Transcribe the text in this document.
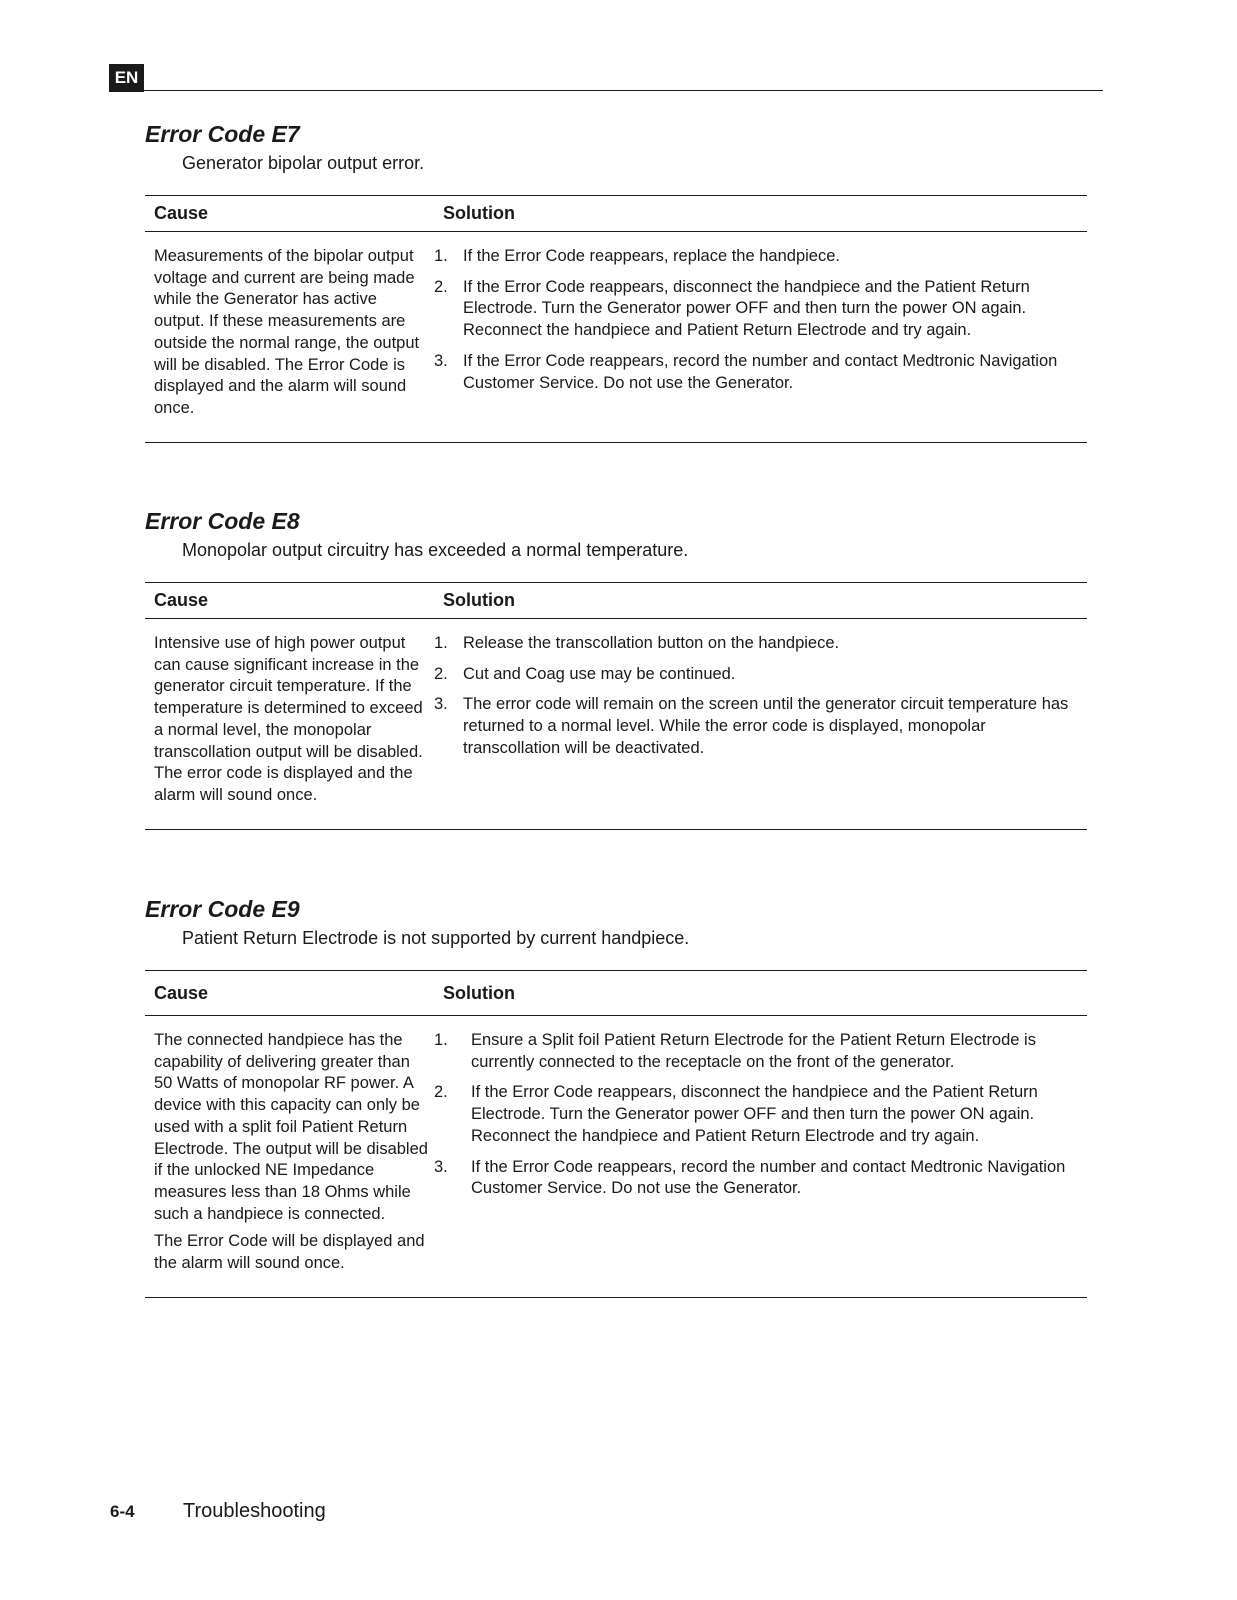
EN
Error Code E7
Generator bipolar output error.
Cause	Solution

Measurements of the bipolar output voltage and current are being made while the Generator has active output. If these measurements are outside the normal range, the output will be disabled. The Error Code is displayed and the alarm will sound once.

1. If the Error Code reappears, replace the handpiece.
2. If the Error Code reappears, disconnect the handpiece and the Patient Return Electrode. Turn the Generator power OFF and then turn the power ON again. Reconnect the handpiece and Patient Return Electrode and try again.
3. If the Error Code reappears, record the number and contact Medtronic Navigation Customer Service. Do not use the Generator.
Error Code E8
Monopolar output circuitry has exceeded a normal temperature.
Cause	Solution

Intensive use of high power output can cause significant increase in the generator circuit temperature. If the temperature is determined to exceed a normal level, the monopolar transcollation output will be disabled. The error code is displayed and the alarm will sound once.

1. Release the transcollation button on the handpiece.
2. Cut and Coag use may be continued.
3. The error code will remain on the screen until the generator circuit temperature has returned to a normal level. While the error code is displayed, monopolar transcollation will be deactivated.
Error Code E9
Patient Return Electrode is not supported by current handpiece.
Cause	Solution

The connected handpiece has the capability of delivering greater than 50 Watts of monopolar RF power. A device with this capacity can only be used with a split foil Patient Return Electrode. The output will be disabled if the unlocked NE Impedance measures less than 18 Ohms while such a handpiece is connected.

The Error Code will be displayed and the alarm will sound once.

1.	Ensure a Split foil Patient Return Electrode for the Patient Return Electrode is currently connected to the receptacle on the front of the generator.
2.	If the Error Code reappears, disconnect the handpiece and the Patient Return Electrode. Turn the Generator power OFF and then turn the power ON again. Reconnect the handpiece and Patient Return Electrode and try again.
3.	If the Error Code reappears, record the number and contact Medtronic Navigation Customer Service. Do not use the Generator.
6-4 Troubleshooting
